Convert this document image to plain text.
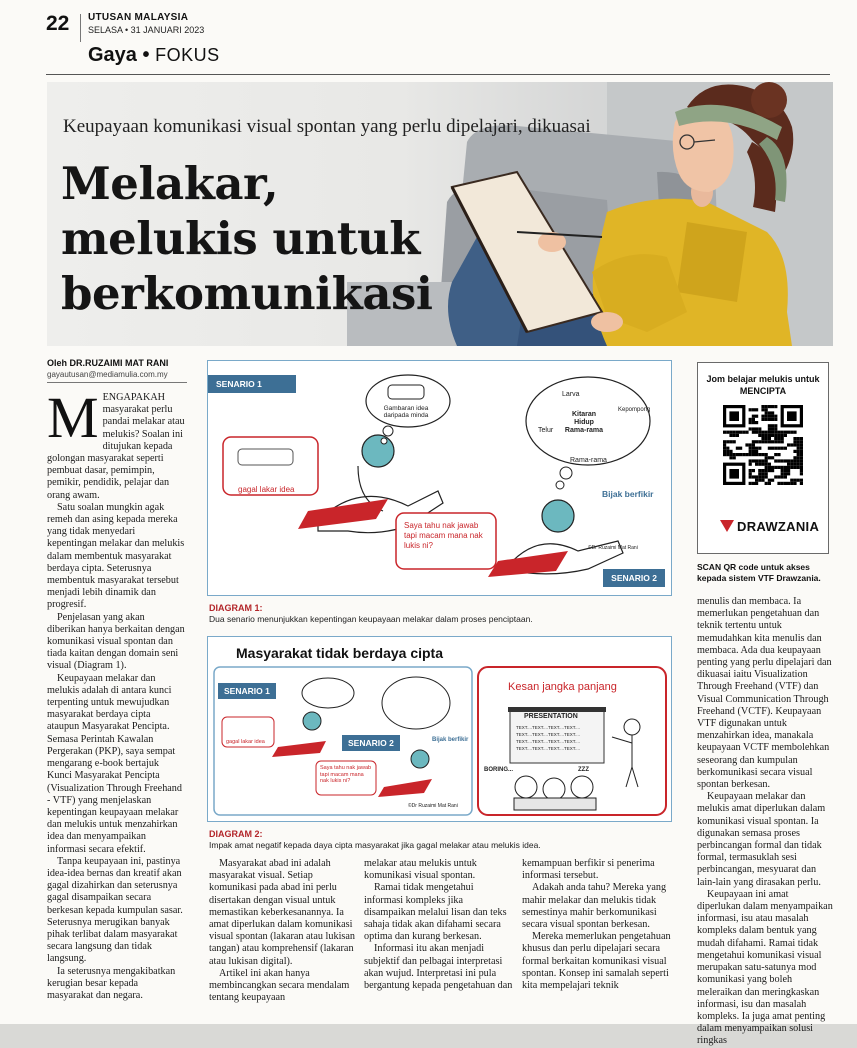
22 UTUSAN MALAYSIA
SELASA • 31 JANUARI 2023
Gaya • FOKUS
Keupayaan komunikasi visual spontan yang perlu dipelajari, dikuasai
Melakar, melukis untuk berkomunikasi
Oleh DR.RUZAIMI MAT RANI
gayautusan@mediamulia.com.my

MENGAPAKAH masyarakat perlu pandai melakar atau melukis? Soalan ini ditujukan kepada golongan masyarakat seperti pembuat dasar, pemimpin, pemikir, pendidik, pelajar dan orang awam.

Satu soalan mungkin agak remeh dan asing kepada mereka yang tidak menyedari kepentingan melakar dan melukis dalam membentuk masyarakat berdaya cipta. Seterusnya membentuk masyarakat tersebut menjadi lebih dinamik dan progresif.

Penjelasan yang akan diberikan hanya berkaitan dengan komunikasi visual spontan dan tiada kaitan dengan domain seni visual (Diagram 1).

Keupayaan melakar dan melukis adalah di antara kunci terpenting untuk mewujudkan masyarakat berdaya cipta ataupun Masyarakat Pencipta. Semasa Perintah Kawalan Pergerakan (PKP), saya sempat mengarang e-book bertajuk Kunci Masyarakat Pencipta (Visualization Through Freehand - VTF) yang menjelaskan kepentingan keupayaan melakar dan melukis untuk menzahirkan idea dan menyampaikan informasi secara efektif.

Tanpa keupayaan ini, pastinya idea-idea bernas dan kreatif akan gagal dizahirkan dan seterusnya gagal disampaikan secara berkesan kepada kumpulan sasar. Seterusnya merugikan banyak pihak terlibat dalam masyarakat secara langsung dan tidak langsung.

Ia seterusnya mengakibatkan kerugian besar kepada masyarakat dan negara.

SENARIO 1
SENARIO 2
Gambaran idea daripada minda
gagal lakar idea
Larva
Kitaran Hidup Rama-rama
Kepompong
Telur
Rama-rama
Bijak berfikir
Saya tahu nak jawab tapi macam mana nak lukis ni?	©Dr Ruzaimi Mat Rani
DIAGRAM 1:
Dua senario menunjukkan kepentingan keupayaan melakar dalam proses penciptaan.
Masyarakat tidak berdaya cipta
SENARIO 1
SENARIO 2
gagal lakar idea	Bijak berfikir
Saya tahu nak jawab tapi macam mana nak lukis ni?
©Dr Ruzaimi Mat Rani
Kesan jangka panjang
PRESENTATION
TEXT....TEXT....TEXT....TEXT....
TEXT....TEXT....TEXT....TEXT....
TEXT....TEXT....TEXT....TEXT....
TEXT....TEXT....TEXT....TEXT....
BORING...	ZZZ
DIAGRAM 2:
Impak amat negatif kepada daya cipta masyarakat jika gagal melakar atau melukis idea.

Masyarakat abad ini adalah masyarakat visual. Setiap komunikasi pada abad ini perlu disertakan dengan visual untuk memastikan keberkesanannya. Ia amat diperlukan dalam komunikasi visual spontan (lakaran atau lukisan tangan) atau komprehensif (lakaran atau lukisan digital).

Artikel ini akan hanya membincangkan secara mendalam tentang keupayaan

melakar atau melukis untuk komunikasi visual spontan.

Ramai tidak mengetahui informasi kompleks jika disampaikan melalui lisan dan teks sahaja tidak akan difahami secara optima dan kurang berkesan.

Informasi itu akan menjadi subjektif dan pelbagai interpretasi akan wujud. Interpretasi ini pula bergantung kepada pengetahuan dan

kemampuan berfikir si penerima informasi tersebut.

Adakah anda tahu? Mereka yang mahir melakar dan melukis tidak semestinya mahir berkomunikasi secara visual spontan berkesan.

Mereka memerlukan pengetahuan khusus dan perlu dipelajari secara formal berkaitan komunikasi visual spontan. Konsep ini samalah seperti kita mempelajari teknik

Jom belajar melukis untuk MENCIPTA
DRAWZANIA
SCAN QR code untuk akses kepada sistem VTF Drawzania.

menulis dan membaca. Ia memerlukan pengetahuan dan teknik tertentu untuk memudahkan kita menulis dan membaca. Ada dua keupayaan penting yang perlu dipelajari dan dikuasai iaitu Visualization Through Freehand (VTF) dan Visual Communication Through Freehand (VCTF). Keupayaan VTF digunakan untuk menzahirkan idea, manakala keupayaan VCTF membolehkan seseorang dan kumpulan berkomunikasi secara visual spontan berkesan.

Keupayaan melakar dan melukis amat diperlukan dalam komunikasi visual spontan. Ia digunakan semasa proses perbincangan formal dan tidak formal, termasuklah sesi perbincangan, mesyuarat dan lain-lain yang dirasakan perlu.

Keupayaan ini amat diperlukan dalam menyampaikan informasi, isu atau masalah kompleks dalam bentuk yang mudah difahami. Ramai tidak mengetahui komunikasi visual merupakan satu-satunya mod komunikasi yang boleh meleraikan dan meringkaskan informasi, isu dan masalah kompleks. Ia juga amat penting dalam menyampaikan solusi ringkas
